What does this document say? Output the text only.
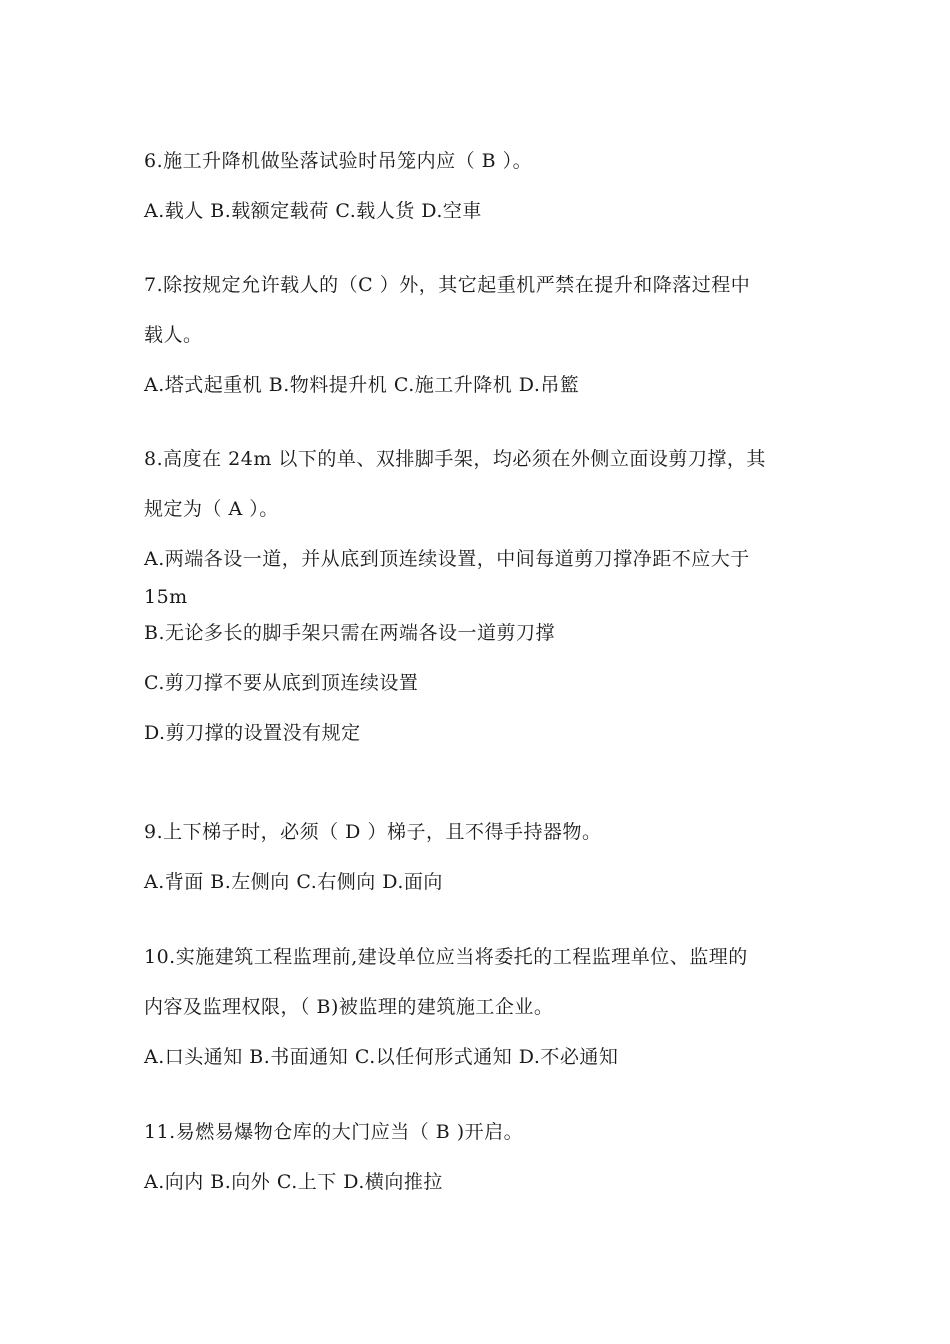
6.施工升降机做坠落试验时吊笼内应（ B ）。
A.载人 B.载额定载荷 C.载人货 D.空車
7.除按规定允许载人的（C ）外，其它起重机严禁在提升和降落过程中
载人。
A.塔式起重机 B.物料提升机 C.施工升降机 D.吊籃
8.高度在 24m 以下的单、双排脚手架，均必须在外侧立面设剪刀撑，其
规定为（ A ）。
A.两端各设一道，并从底到顶连续设置，中间每道剪刀撑净距不应大于
15m
B.无论多长的脚手架只需在两端各设一道剪刀撑
C.剪刀撑不要从底到顶连续设置
D.剪刀撑的设置没有规定
9.上下梯子时，必须（ D ）梯子，且不得手持器物。
A.背面 B.左侧向 C.右侧向 D.面向
10.实施建筑工程监理前,建设单位应当将委托的工程监理单位、监理的
内容及监理权限，（ B)被监理的建筑施工企业。
A.口头通知 B.书面通知 C.以任何形式通知 D.不必通知
11.易燃易爆物仓库的大门应当（ B )开启。
A.向内 B.向外 C.上下 D.横向推拉
